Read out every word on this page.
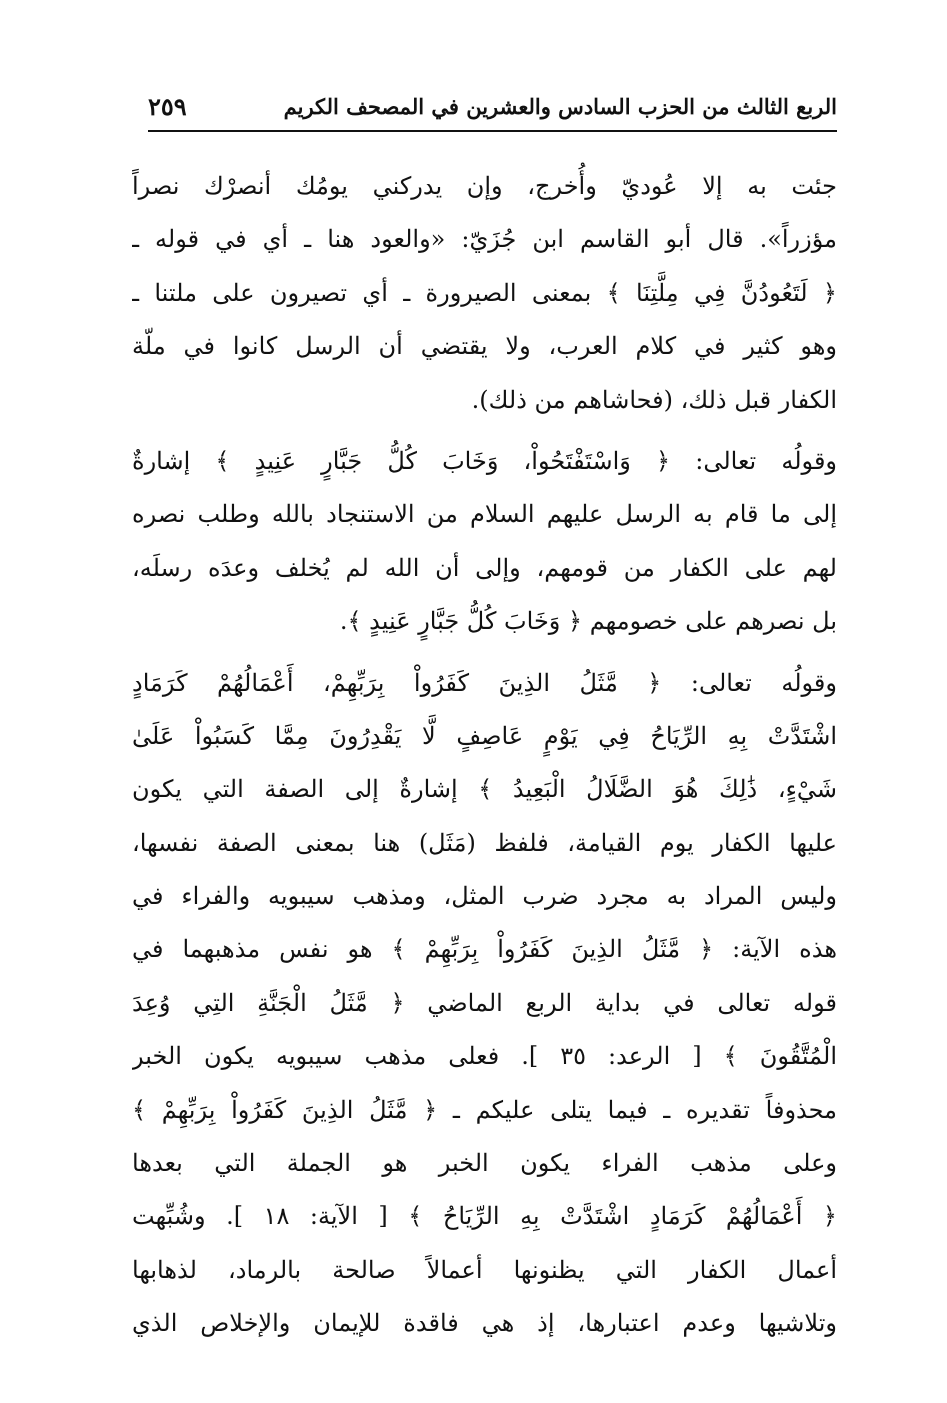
الربع الثالث من الحزب السادس والعشرين في المصحف الكريم
٢٥٩
جئت به إلا عُوديّ وأُخرج، وإن يدركني يومُك أنصرْك نصراً
مؤزراً». قال أبو القاسم ابن جُزَيّ: «والعود هنا ـ أي في قوله ـ
﴿ لَتَعُودُنَّ فِي مِلَّتِنَا ﴾ بمعنى الصيرورة ـ أي تصيرون على ملتنا ـ
وهو كثير في كلام العرب، ولا يقتضي أن الرسل كانوا في ملّة
الكفار قبل ذلك، (فحاشاهم من ذلك).
وقولُه تعالى: ﴿ وَاسْتَفْتَحُواْ، وَخَابَ كُلُّ جَبَّارٍ عَنِيدٍ ﴾ إشارةٌ
إلى ما قام به الرسل عليهم السلام من الاستنجاد بالله وطلب نصره
لهم على الكفار من قومهم، وإلى أن الله لم يُخلف وعدَه رسلَه،
بل نصرهم على خصومهم ﴿ وَخَابَ كُلُّ جَبَّارٍ عَنِيدٍ ﴾.
وقولُه تعالى: ﴿ مَّثَلُ الذِينَ كَفَرُواْ بِرَبِّهِمْ، أَعْمَالُهُمْ كَرَمَادٍ
اشْتَدَّتْ بِهِ الرِّيَاحُ فِي يَوْمٍ عَاصِفٍ لَّا يَقْدِرُونَ مِمَّا كَسَبُواْ عَلَىٰ
شَيْءٍ، ذَٰلِكَ هُوَ الضَّلَالُ الْبَعِيدُ ﴾ إشارةٌ إلى الصفة التي يكون
عليها الكفار يوم القيامة، فلفظ (مَثَل) هنا بمعنى الصفة نفسها،
وليس المراد به مجرد ضرب المثل، ومذهب سيبويه والفراء في
هذه الآية: ﴿ مَّثَلُ الذِينَ كَفَرُواْ بِرَبِّهِمْ ﴾ هو نفس مذهبهما في
قوله تعالى في بداية الربع الماضي ﴿ مَّثَلُ الْجَنَّةِ التِي وُعِدَ
الْمُتَّقُونَ ﴾ [ الرعد: ٣٥ ]. فعلى مذهب سيبويه يكون الخبر
محذوفاً تقديره ـ فيما يتلى عليكم ـ ﴿ مَّثَلُ الذِينَ كَفَرُواْ بِرَبِّهِمْ ﴾
وعلى مذهب الفراء يكون الخبر هو الجملة التي بعدها
﴿ أَعْمَالُهُمْ كَرَمَادٍ اشْتَدَّتْ بِهِ الرِّيَاحُ ﴾ [ الآية: ١٨ ]. وشُبِّهت
أعمال الكفار التي يظنونها أعمالاً صالحة بالرماد، لذهابها
وتلاشيها وعدم اعتبارها، إذ هي فاقدة للإيمان والإخلاص الذي
